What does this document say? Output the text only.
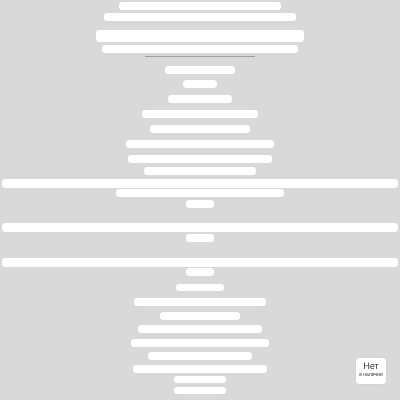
Нет
в наличии
